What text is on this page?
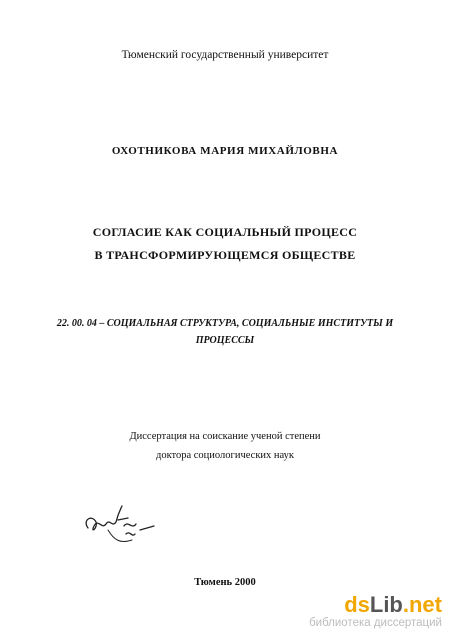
Тюменский государственный университет
ОХОТНИКОВА МАРИЯ МИХАЙЛОВНА
СОГЛАСИЕ КАК СОЦИАЛЬНЫЙ ПРОЦЕСС
В ТРАНСФОРМИРУЮЩЕМСЯ ОБЩЕСТВЕ
22. 00. 04 – СОЦИАЛЬНАЯ СТРУКТУРА, СОЦИАЛЬНЫЕ ИНСТИТУТЫ И
ПРОЦЕССЫ
Диссертация на соискание ученой степени
доктора социологических наук
Тюмень 2000
dsLib.net
библиотека диссертаций
